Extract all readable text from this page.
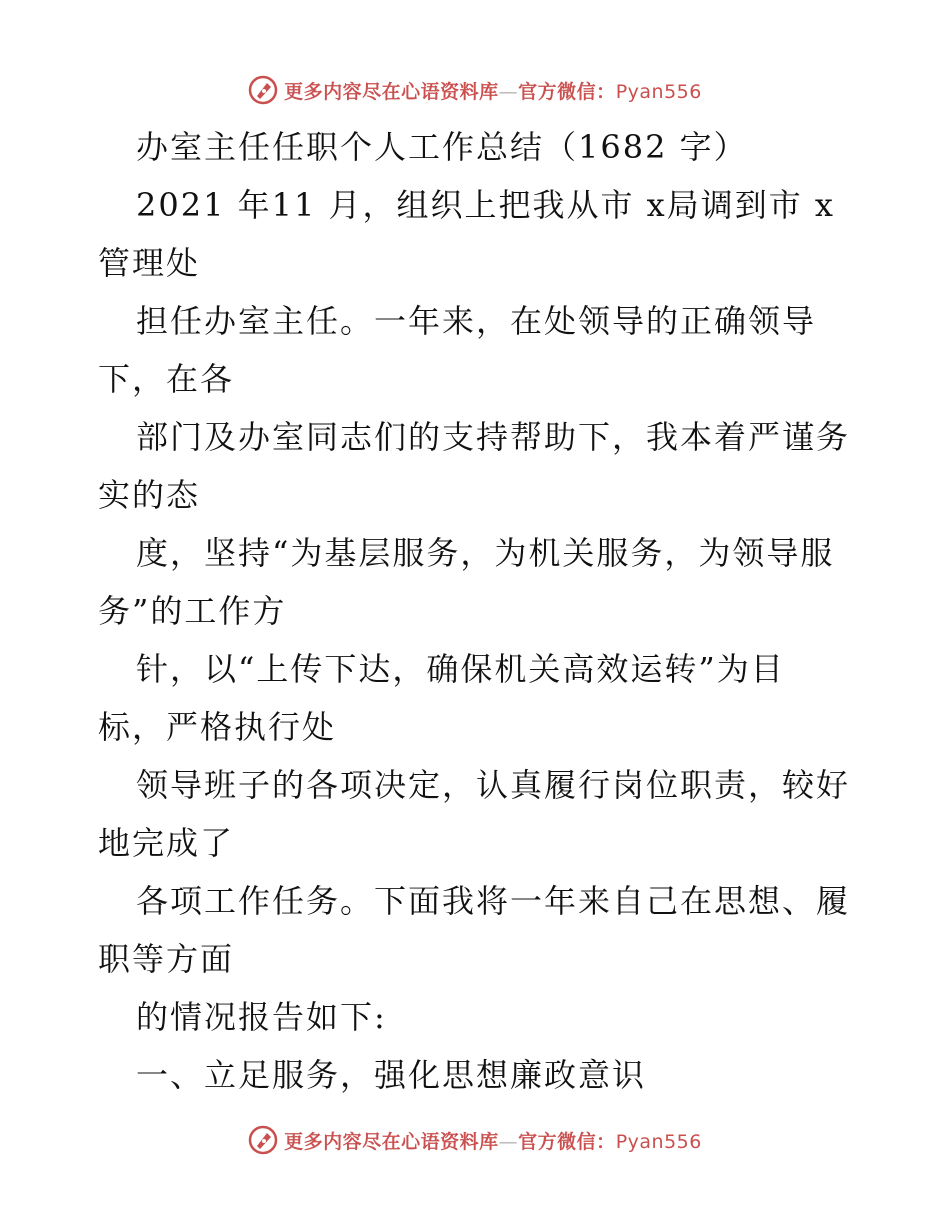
更多内容尽在心语资料库—官方微信：Pyan556
办室主任任职个人工作总结（1682 字）
2021 年11 月，组织上把我从市 x局调到市 x
管理处
担任办室主任。一年来，在处领导的正确领导
下，在各
部门及办室同志们的支持帮助下，我本着严谨务
实的态
度，坚持“为基层服务，为机关服务，为领导服
务”的工作方
针，以“上传下达，确保机关高效运转”为目
标，严格执行处
领导班子的各项决定，认真履行岗位职责，较好
地完成了
各项工作任务。下面我将一年来自己在思想、履
职等方面
的情况报告如下:
一、立足服务，强化思想廉政意识
更多内容尽在心语资料库—官方微信：Pyan556
